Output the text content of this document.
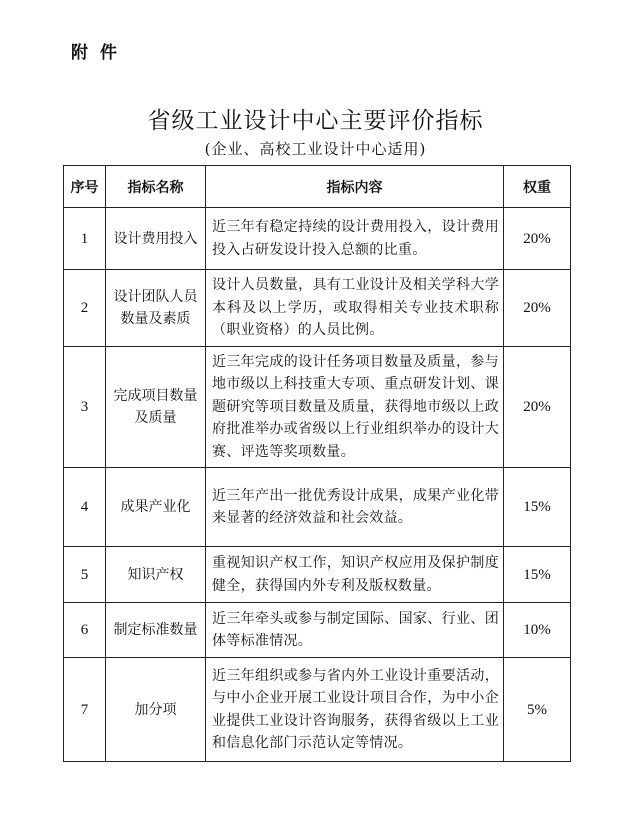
附件
省级工业设计中心主要评价指标
(企业、高校工业设计中心适用)
序号	指标名称	指标内容	权重
1	设计费用投入	近三年有稳定持续的设计费用投入，设计费用投入占研发设计投入总额的比重。	20%
2	设计团队人员数量及素质	设计人员数量，具有工业设计及相关学科大学本科及以上学历，或取得相关专业技术职称（职业资格）的人员比例。	20%
3	完成项目数量及质量	近三年完成的设计任务项目数量及质量，参与地市级以上科技重大专项、重点研发计划、课题研究等项目数量及质量，获得地市级以上政府批准举办或省级以上行业组织举办的设计大赛、评选等奖项数量。	20%
4	成果产业化	近三年产出一批优秀设计成果，成果产业化带来显著的经济效益和社会效益。	15%
5	知识产权	重视知识产权工作，知识产权应用及保护制度健全，获得国内外专利及版权数量。	15%
6	制定标准数量	近三年牵头或参与制定国际、国家、行业、团体等标准情况。	10%
7	加分项	近三年组织或参与省内外工业设计重要活动，与中小企业开展工业设计项目合作，为中小企业提供工业设计咨询服务，获得省级以上工业和信息化部门示范认定等情况。	5%
